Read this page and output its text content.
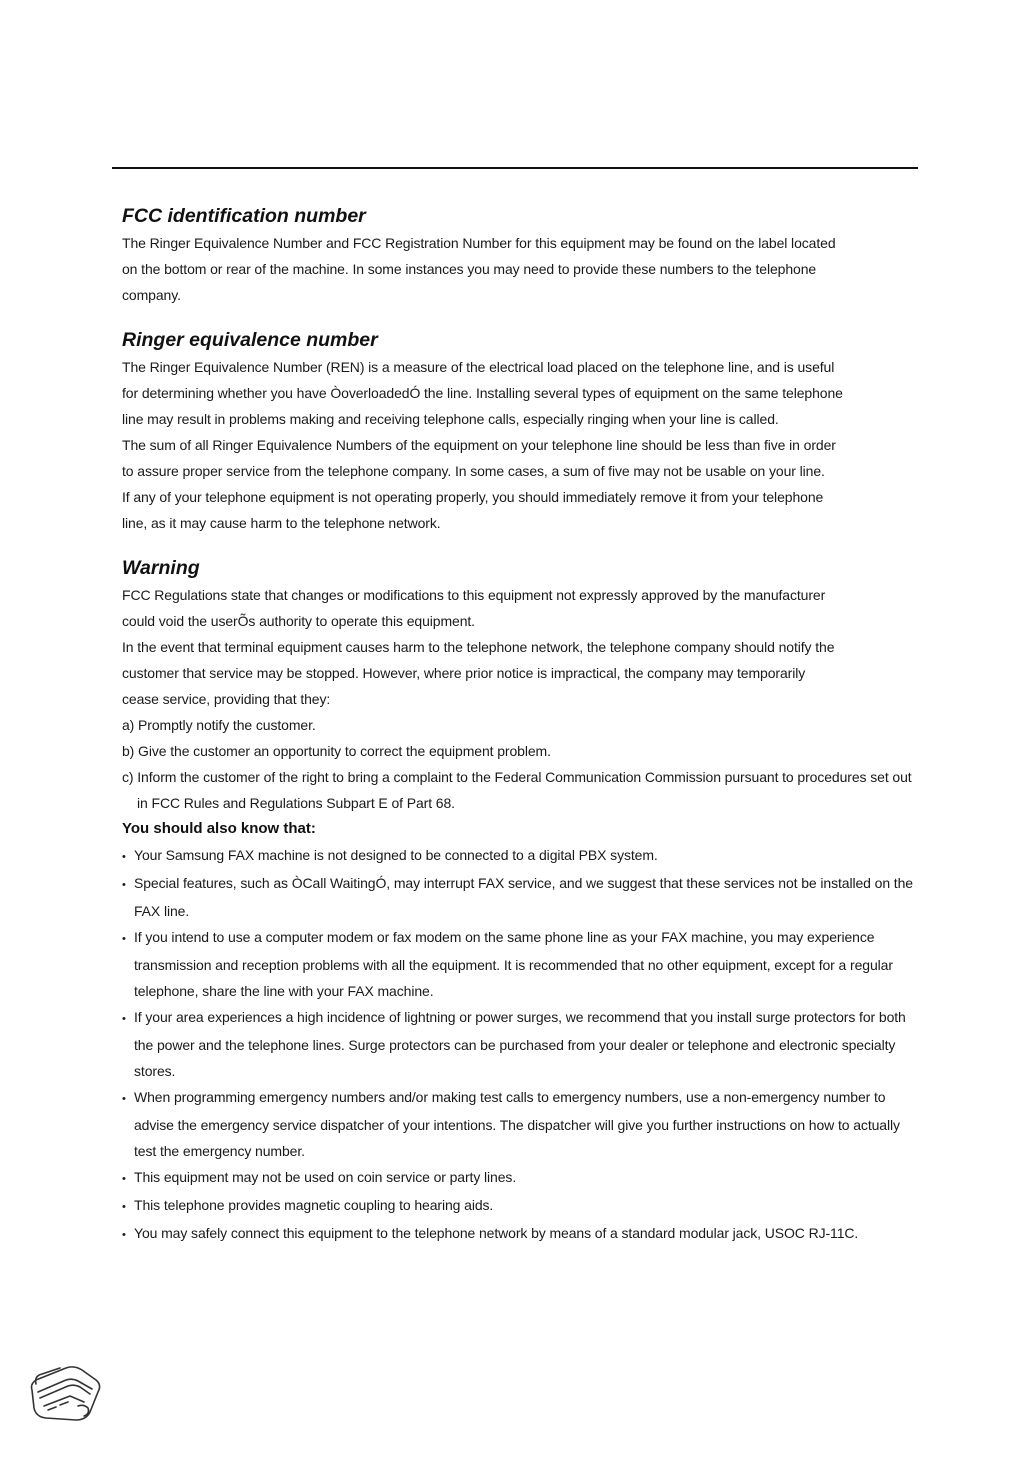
FCC identification number

The Ringer Equivalence Number and FCC Registration Number for this equipment may be found on the label located

on the bottom or rear of the machine. In some instances you may need to provide these numbers to the telephone

company.

Ringer equivalence number

The Ringer Equivalence Number (REN) is a measure of the electrical load placed on the telephone line, and is useful

for determining whether you have ÒoverloadedÓ the line. Installing several types of equipment on the same telephone

line may result in problems making and receiving telephone calls, especially ringing when your line is called.

The sum of all Ringer Equivalence Numbers of the equipment on your telephone line should be less than five in order

to assure proper service from the telephone company. In some cases, a sum of five may not be usable on your line.

If any of your telephone equipment is not operating properly, you should immediately remove it from your telephone

line, as it may cause harm to the telephone network.

Warning

FCC Regulations state that changes or modifications to this equipment not expressly approved by the manufacturer

could void the userÕs authority to operate this equipment.

In the event that terminal equipment causes harm to the telephone network, the telephone company should notify the

customer that service may be stopped. However, where prior notice is impractical, the company may temporarily

cease service, providing that they:

a) Promptly notify the customer.

b) Give the customer an opportunity to correct the equipment problem.

c) Inform the customer of the right to bring a complaint to the Federal Communication Commission pursuant to procedures set out in FCC Rules and Regulations Subpart E of Part 68.

You should also know that:

• Your Samsung FAX machine is not designed to be connected to a digital PBX system.

• Special features, such as ÒCall WaitingÓ, may interrupt FAX service, and we suggest that these services not be installed on the FAX line.

• If you intend to use a computer modem or fax modem on the same phone line as your FAX machine, you may experience transmission and reception problems with all the equipment. It is recommended that no other equipment, except for a regular telephone, share the line with your FAX machine.

• If your area experiences a high incidence of lightning or power surges, we recommend that you install surge protectors for both the power and the telephone lines. Surge protectors can be purchased from your dealer or telephone and electronic specialty stores.

• When programming emergency numbers and/or making test calls to emergency numbers, use a non-emergency number to advise the emergency service dispatcher of your intentions. The dispatcher will give you further instructions on how to actually test the emergency number.

• This equipment may not be used on coin service or party lines.

• This telephone provides magnetic coupling to hearing aids.

• You may safely connect this equipment to the telephone network by means of a standard modular jack, USOC RJ-11C.
